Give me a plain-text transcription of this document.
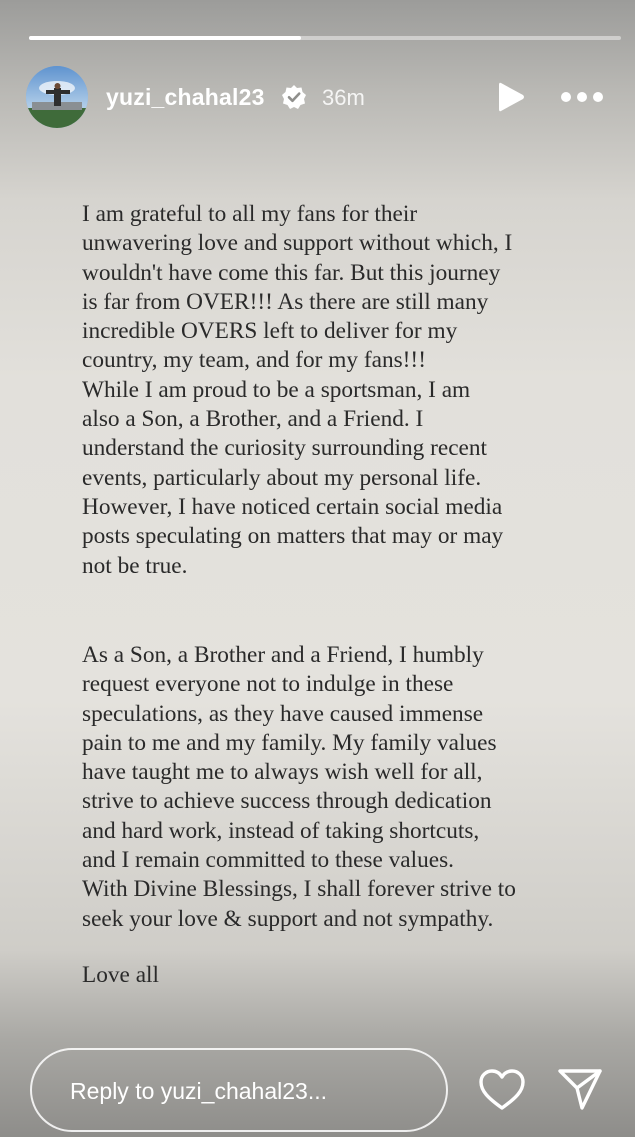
yuzi_chahal23	36m
I am grateful to all my fans for their
unwavering love and support without which, I
wouldn't have come this far. But this journey
is far from OVER!!! As there are still many
incredible OVERS left to deliver for my
country, my team, and for my fans!!!
While I am proud to be a sportsman, I am
also a Son, a Brother, and a Friend. I
understand the curiosity surrounding recent
events, particularly about my personal life.
However, I have noticed certain social media
posts speculating on matters that may or may
not be true.
As a Son, a Brother and a Friend, I humbly
request everyone not to indulge in these
speculations, as they have caused immense
pain to me and my family. My family values
have taught me to always wish well for all,
strive to achieve success through dedication
and hard work, instead of taking shortcuts,
and I remain committed to these values.
With Divine Blessings, I shall forever strive to
seek your love & support and not sympathy.
Love all
Reply to yuzi_chahal23...
